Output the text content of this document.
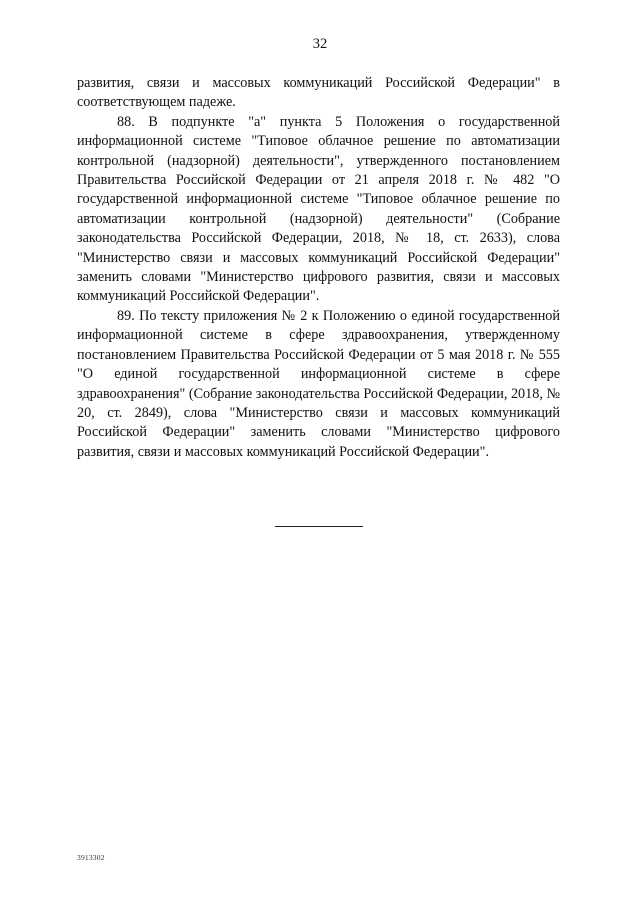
32

развития, связи и массовых коммуникаций Российской Федерации" в соответствующем падеже.

88. В подпункте "а" пункта 5 Положения о государственной информационной системе "Типовое облачное решение по автоматизации контрольной (надзорной) деятельности", утвержденного постановлением Правительства Российской Федерации от 21 апреля 2018 г. № 482 "О государственной информационной системе "Типовое облачное решение по автоматизации контрольной (надзорной) деятельности" (Собрание законодательства Российской Федерации, 2018, № 18, ст. 2633), слова "Министерство связи и массовых коммуникаций Российской Федерации" заменить словами "Министерство цифрового развития, связи и массовых коммуникаций Российской Федерации".

89. По тексту приложения № 2 к Положению о единой государственной информационной системе в сфере здравоохранения, утвержденному постановлением Правительства Российской Федерации от 5 мая 2018 г. № 555 "О единой государственной информационной системе в сфере здравоохранения" (Собрание законодательства Российской Федерации, 2018, № 20, ст. 2849), слова "Министерство связи и массовых коммуникаций Российской Федерации" заменить словами "Министерство цифрового развития, связи и массовых коммуникаций Российской Федерации".

3913302
